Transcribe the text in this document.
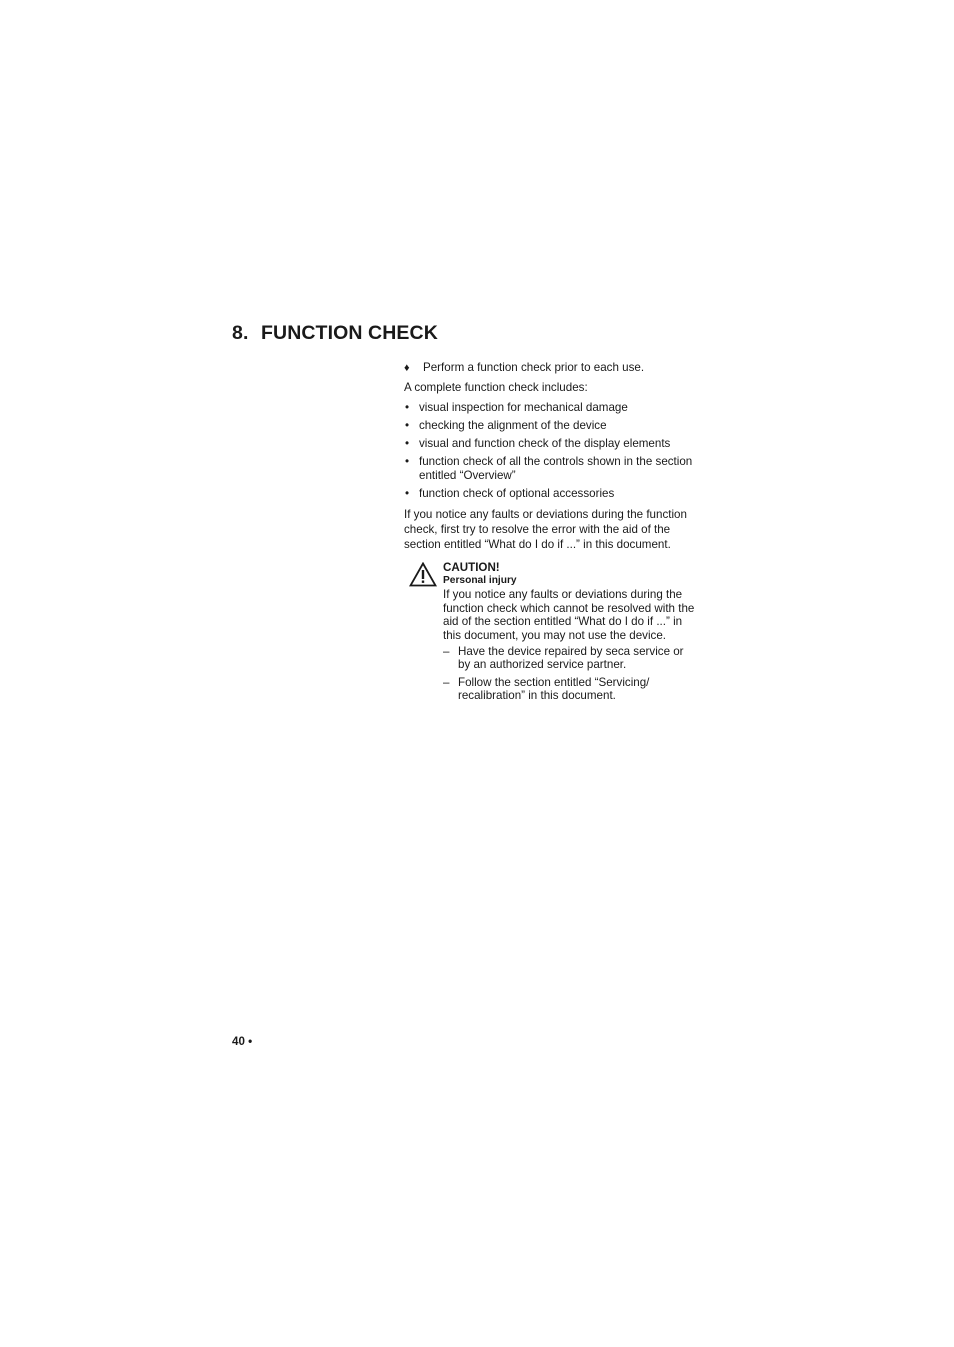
8. FUNCTION CHECK

♦ Perform a function check prior to each use.

A complete function check includes:

• visual inspection for mechanical damage
• checking the alignment of the device
• visual and function check of the display elements
• function check of all the controls shown in the section entitled “Overview”
• function check of optional accessories

If you notice any faults or deviations during the function check, first try to resolve the error with the aid of the section entitled “What do I do if ...” in this document.

CAUTION!
Personal injury

If you notice any faults or deviations during the function check which cannot be resolved with the aid of the section entitled “What do I do if ...” in this document, you may not use the device.

– Have the device repaired by seca service or by an authorized service partner.
– Follow the section entitled “Servicing/ recalibration” in this document.
40 •
